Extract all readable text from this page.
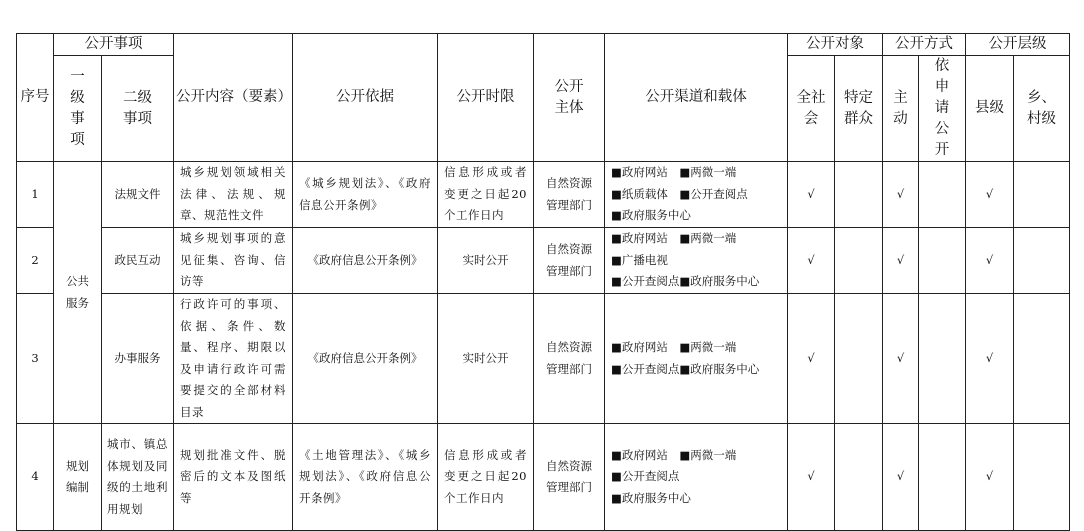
序号	公开事项		公开内容（要素）	公开依据	公开时限	公开主体	公开渠道和载体	公开对象		公开方式		公开层级	
	一级事项	二级事项						全社会	特定群众	主动	依申请公开	县级	乡、村级
1	公共服务	法规文件	城乡规划领域相关法律、法规、规章、规范性文件	《城乡规划法》、《政府信息公开条例》	信息形成或者变更之日起20个工作日内	自然资源管理部门	■政府网站　■两微一端
■纸质载体　■公开查阅点
■政府服务中心	√		√		√	
2		政民互动	城乡规划事项的意见征集、咨询、信访等	《政府信息公开条例》	实时公开	自然资源管理部门	■政府网站　■两微一端
■广播电视
■公开查阅点■政府服务中心	√		√		√	
3		办事服务	行政许可的事项、依据、条件、数量、程序、期限以及申请行政许可需要提交的全部材料目录	《政府信息公开条例》	实时公开	自然资源管理部门	■政府网站　■两微一端
■公开查阅点■政府服务中心	√		√		√	
4	规划编制	城市、镇总体规划及同级的土地利用规划	规划批准文件、脱密后的文本及图纸等	《土地管理法》、《城乡规划法》、《政府信息公开条例》	信息形成或者变更之日起20个工作日内	自然资源管理部门	■政府网站　■两微一端
■公开查阅点
■政府服务中心	√		√		√	
